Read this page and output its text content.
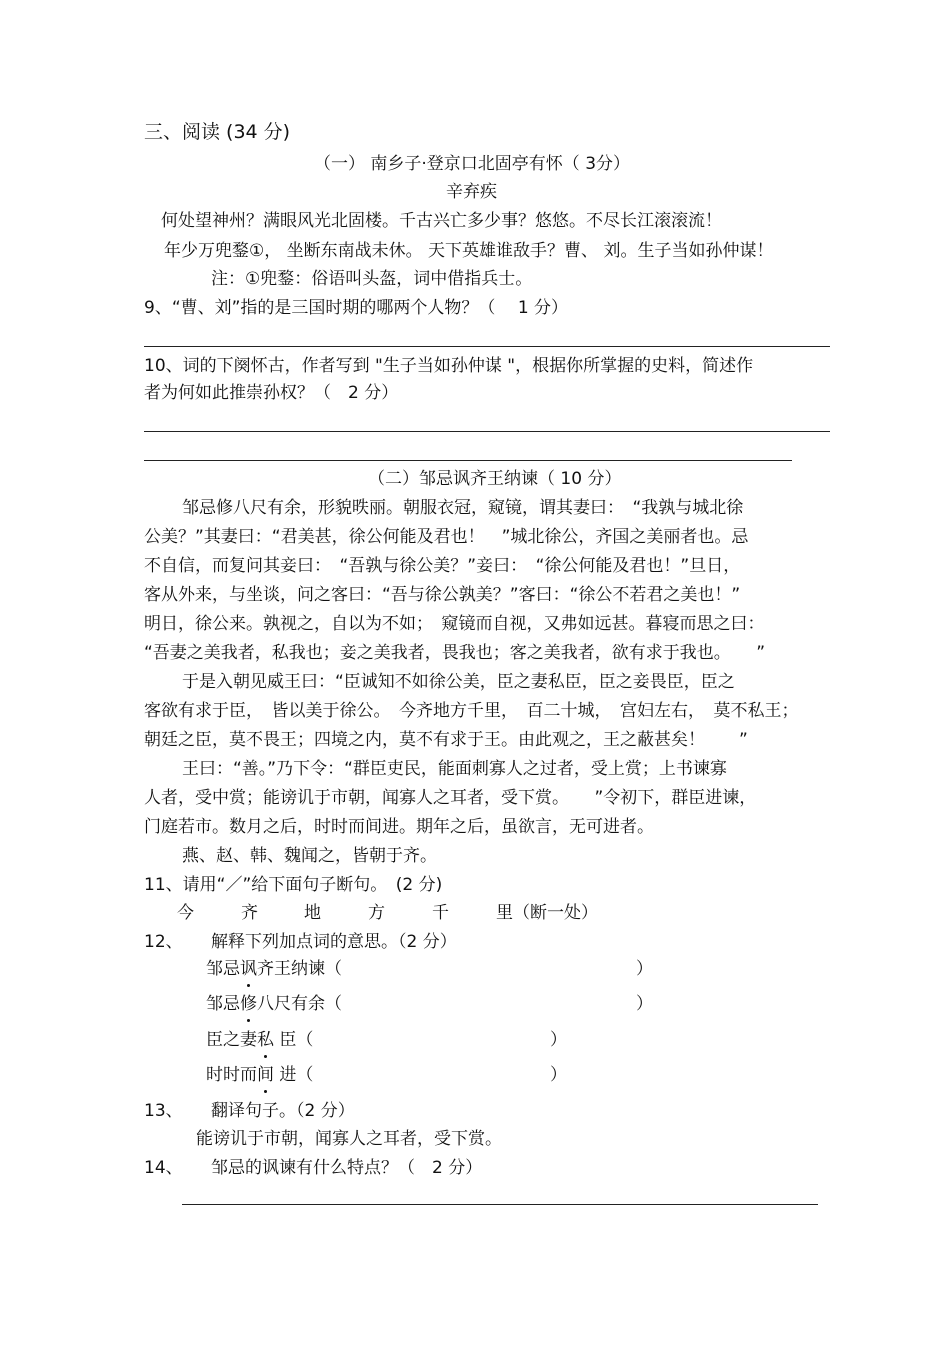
三、阅读 (34 分)
（一） 南乡子·登京口北固亭有怀（ 3分）
辛弃疾
何处望神州？满眼风光北固楼。千古兴亡多少事？悠悠。不尽长江滚滚流！
年少万兜鍪①， 坐断东南战未休。 天下英雄谁敌手？曹、 刘。生子当如孙仲谋！
注：①兜鍪：俗语叫头盔，词中借指兵士。
9、“曹、刘”指的是三国时期的哪两个人物？（　 1 分）
10、词的下阕怀古，作者写到 "生子当如孙仲谋 "，根据你所掌握的史料，简述作
者为何如此推崇孙权？（　2 分）
（二）邹忌讽齐王纳谏（ 10 分）
邹忌修八尺有余，形貌昳丽。朝服衣冠，窥镜，谓其妻曰：　“我孰与城北徐
公美？”其妻曰：“君美甚，徐公何能及君也！　”城北徐公，齐国之美丽者也。忌
不自信，而复问其妾曰：　“吾孰与徐公美？”妾曰：　“徐公何能及君也！”旦日，
客从外来，与坐谈，问之客曰：“吾与徐公孰美？”客曰：“徐公不若君之美也！”
明日，徐公来。孰视之，自以为不如；　窥镜而自视，又弗如远甚。暮寝而思之曰：
“吾妻之美我者，私我也；妾之美我者，畏我也；客之美我者，欲有求于我也。　　”
于是入朝见威王曰：“臣诚知不如徐公美，臣之妻私臣，臣之妾畏臣，臣之
客欲有求于臣，　皆以美于徐公。　今齐地方千里，　百二十城，　宫妇左右，　莫不私王；
朝廷之臣，莫不畏王；四境之内，莫不有求于王。由此观之，王之蔽甚矣！　　”
王曰：“善。”乃下令：“群臣吏民，能面刺寡人之过者，受上赏；上书谏寡
人者，受中赏；能谤讥于市朝，闻寡人之耳者，受下赏。　　”令初下，群臣进谏，
门庭若市。数月之后，时时而间进。期年之后，虽欲言，无可进者。
燕、赵、韩、魏闻之，皆朝于齐。
11、请用“／”给下面句子断句。　(2 分)
今	齐	地	方	千	里（断一处）
12、 解释下列加点词的意思。（2 分）
邹忌讽齐王纳谏（	）
邹忌修八尺有余（	）
臣之妻私 臣（	）
时时而间 进（	）
13、 翻译句子。（2 分）
能谤讥于市朝，闻寡人之耳者，受下赏。
14、 邹忌的讽谏有什么特点？（　2 分）
